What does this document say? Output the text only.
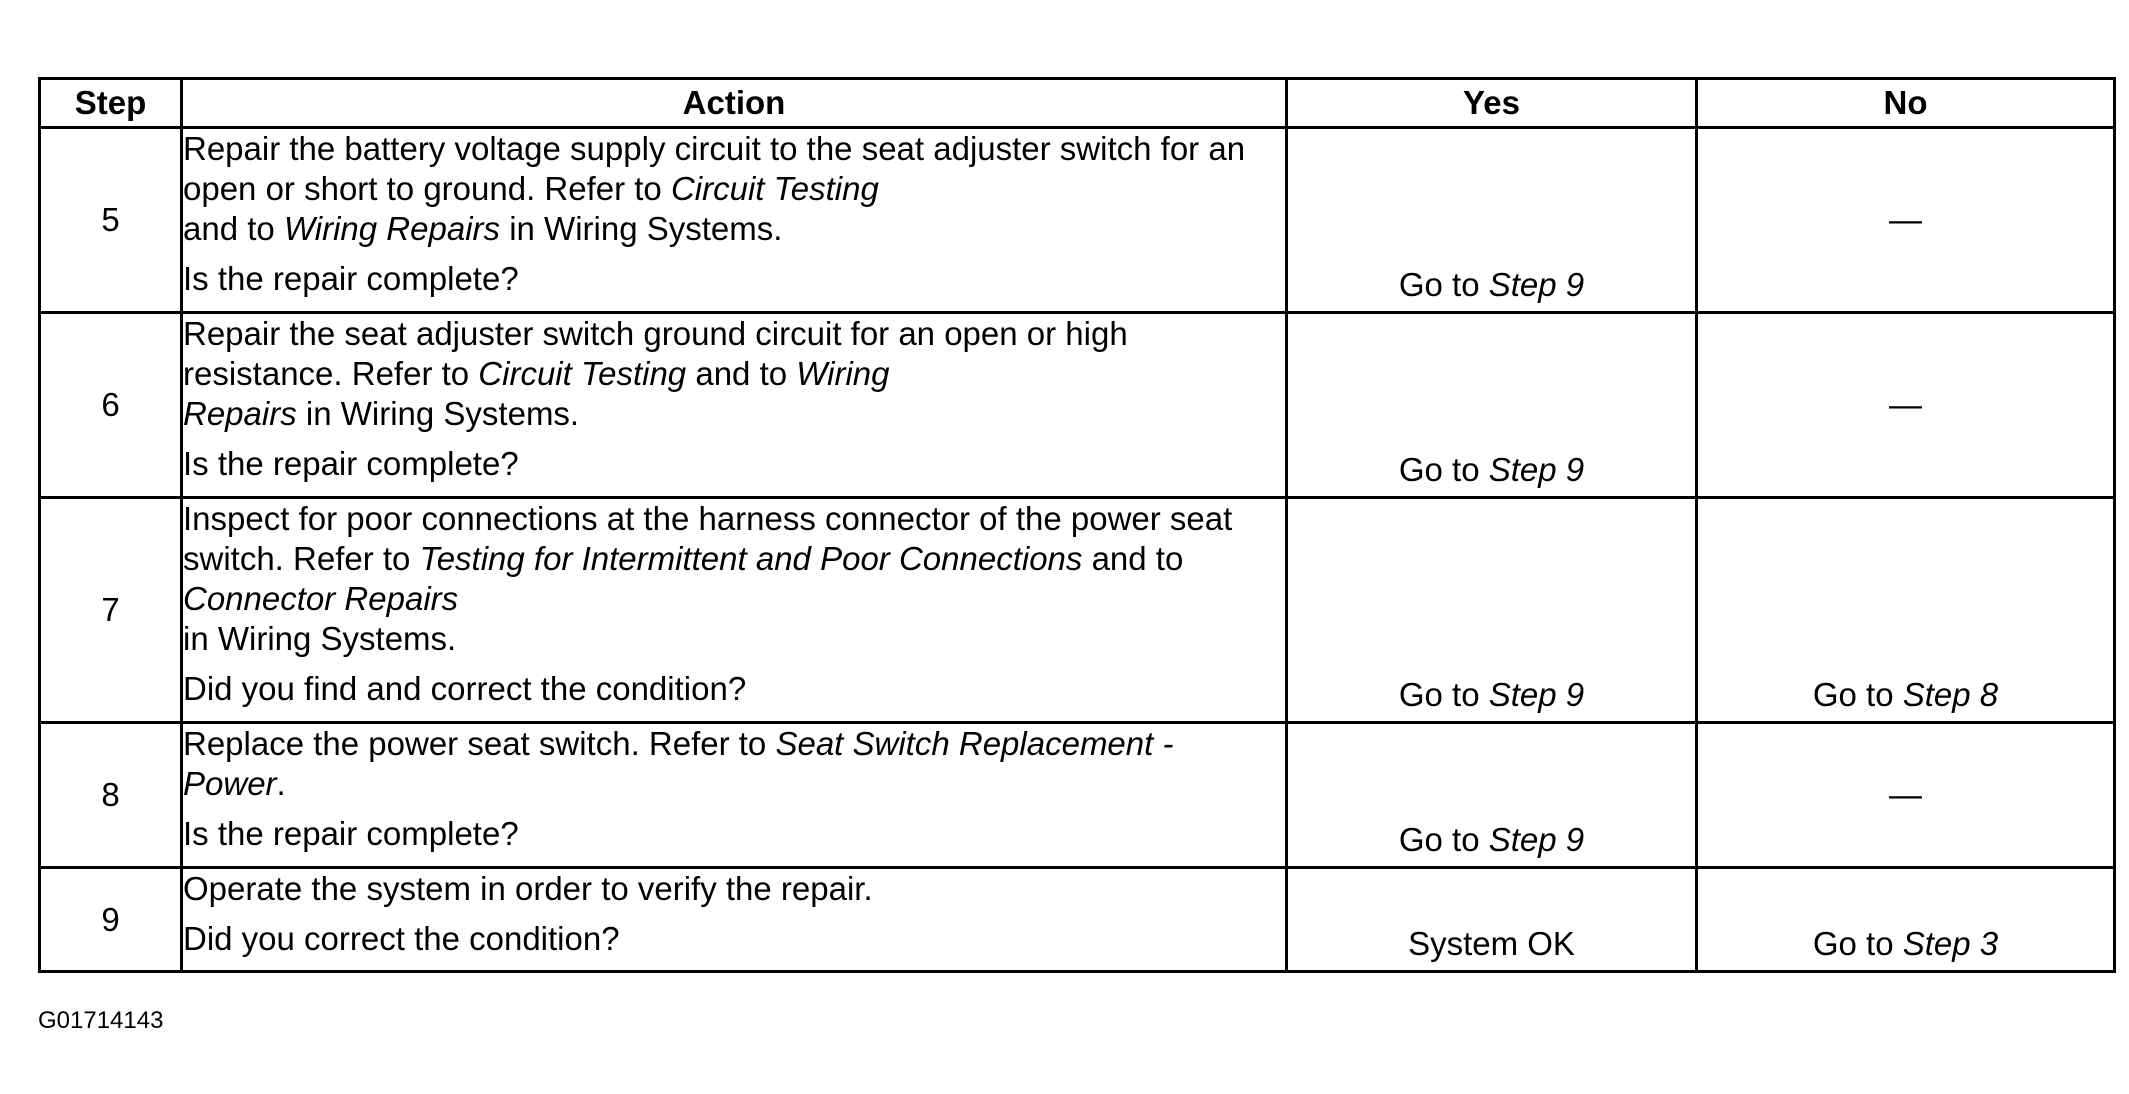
Step	Action	Yes	No
5	Repair the battery voltage supply circuit to the seat adjuster switch for an open or short to ground. Refer to Circuit Testing
and to Wiring Repairs in Wiring Systems.
Is the repair complete?	Go to Step 9	—

6	Repair the seat adjuster switch ground circuit for an open or high resistance. Refer to Circuit Testing and to Wiring
Repairs in Wiring Systems.
Is the repair complete?	Go to Step 9	—

7	Inspect for poor connections at the harness connector of the power seat switch. Refer to Testing for Intermittent and Poor Connections and to Connector Repairs
in Wiring Systems.
Did you find and correct the condition?	Go to Step 9	Go to Step 8

8	Replace the power seat switch. Refer to Seat Switch Replacement - Power.
Is the repair complete?	Go to Step 9	—

9	Operate the system in order to verify the repair.
Did you correct the condition?	System OK	Go to Step 3
G01714143
